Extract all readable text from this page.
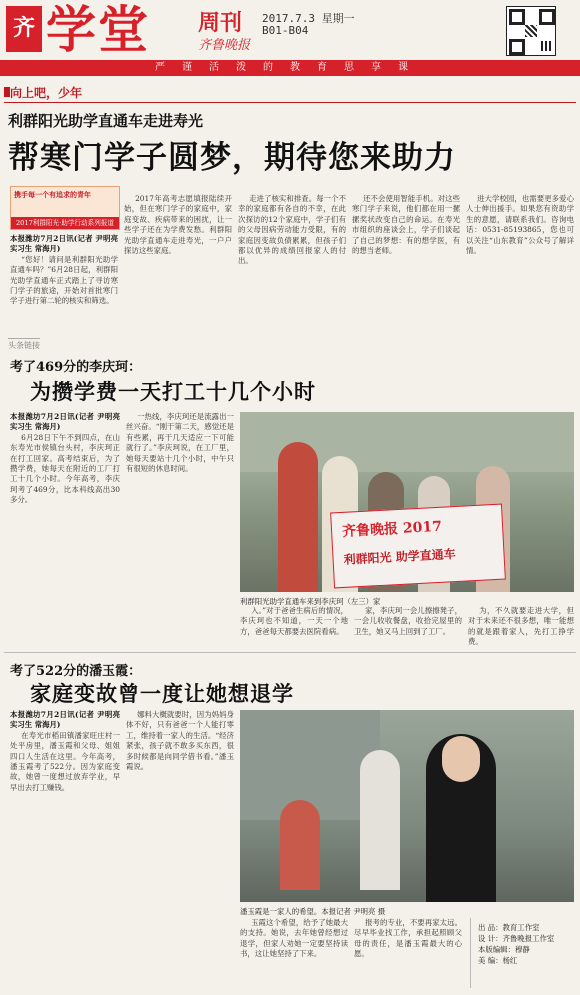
齐 学堂 周刊
齐鲁晚报
2017.7.3 星期一
B01-B04
严谨活泼的教育思享课
向上吧，少年
利群阳光助学直通车走进寿光
帮寒门学子圆梦，期待您来助力
携手每一个有追求的青年
2017利群阳光·助学行动系列报道

本报潍坊7月2日讯(记者 尹明亮 实习生 常海月)

“您好！请问是利群阳光助学直通车吗？”6月28日起，利群阳光助学直通车正式踏上了寻访寒门学子的旅途，开始对首批寒门学子进行第二轮的核实和筛选。

2017年高考志愿填报陆续开始，但在寒门学子的家庭中，家庭变故、疾病带来的困扰，让一些学子还在为学费发愁。利群阳光助学直通车走进寿光，一户户探访这些家庭。

走进了核实和排查。每一个不幸的家庭都有各自的不幸，在此次探访的12个家庭中，学子们有的父母因病劳动能力受限，有的家庭因变故负债累累，但孩子们都以优异的成绩回报家人的付出。

还不会使用智能手机。对这些寒门学子来说，他们都在用一摞摞奖状改变自己的命运。在寿光市组织的座谈会上，学子们谈起了自己的梦想：有的想学医，有的想当老师。

进大学校园，也需要更多爱心人士伸出援手。如果您有资助学生的意愿，请联系我们。咨询电话：0531-85193865，您也可以关注“山东教育”公众号了解详情。

头条链接
考了469分的李庆珂：
为攒学费一天打工十几个小时

本报潍坊7月2日讯(记者 尹明亮 实习生 常海月)

6月28日下午不到四点，在山东寿光市侯镇台头村，李庆珂正在打工回家。高考结束后，为了攒学费，她每天在附近的工厂打工十几个小时。今年高考，李庆珂考了469分，比本科线高出30多分。

一热线，李庆珂还是流露出一丝兴奋。“刚干第二天，感觉还是有些累，再干几天适应一下可能就行了。”李庆珂说，在工厂里，她每天要站十几个小时，中午只有很短的休息时间。

齐鲁晚报 2017
利群阳光 助学直通车
利群阳光助学直通车来到李庆珂（左三）家

入。”对于爸爸生病后的情况，李庆珂也不知道，一天一个地方，爸爸每天都要去医院看病。

家，李庆珂一会儿擦擦凳子，一会儿收收餐盘，收拾完屋里的卫生，她又马上回到了工厂。

为，不久就要走进大学，但对于未来还不很多想，唯一能想的就是跟着家人，先打工挣学费。

考了522分的潘玉霞：
家庭变故曾一度让她想退学

本报潍坊7月2日讯(记者 尹明亮 实习生 常海月)

在寿光市稻田镇潘家旺庄村一处平房里，潘玉霞和父母、姐姐四口人生活在这里。今年高考，潘玉霞考了522分。因为家庭变故，她曾一度想过放弃学业，早早出去打工赚钱。

娜料大概就要时，因为妈妈身体不好，只有爸爸一个人能打零工，维持着一家人的生活。“经济紧张，孩子就不敢多买东西，很多时候都是向同学借书看。”潘玉霞说。

潘玉霞是一家人的希望。本报记者 尹明亮 摄

玉霞这个希望，给予了她最大的支持。她说，去年她曾经想过退学，但家人劝她一定要坚持读书，这让她坚持了下来。

报考的专业，不要再家太远。尽早毕业找工作，承担起照顾父母的责任，是潘玉霞最大的心愿。

出 品：教育工作室
设 计：齐鲁晚报工作室
本版编辑：穆静
美 编：杨红
